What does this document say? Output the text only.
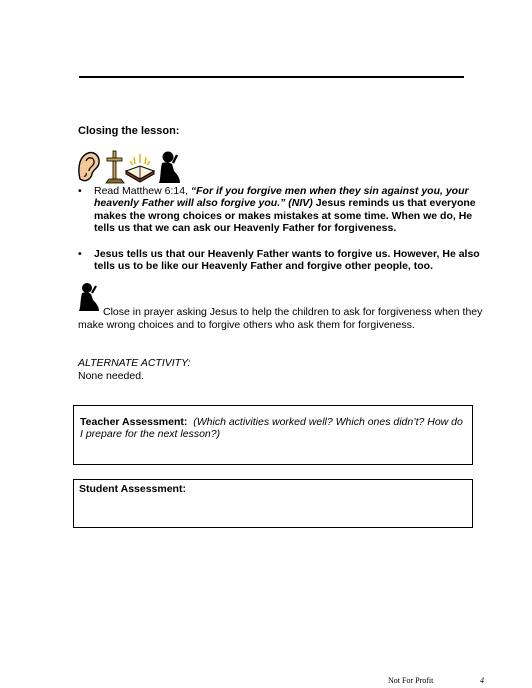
Closing the lesson:
• Read Matthew 6:14, “For if you forgive men when they sin against you, your heavenly Father will also forgive you.” (NIV) Jesus reminds us that everyone makes the wrong choices or makes mistakes at some time. When we do, He tells us that we can ask our Heavenly Father for forgiveness.
• Jesus tells us that our Heavenly Father wants to forgive us. However, He also tells us to be like our Heavenly Father and forgive other people, too.
Close in prayer asking Jesus to help the children to ask for forgiveness when they
make wrong choices and to forgive others who ask them for forgiveness.
ALTERNATE ACTIVITY:
None needed.
Teacher Assessment: (Which activities worked well? Which ones didn’t? How do I prepare for the next lesson?)
Student Assessment:
Not For Profit	4
